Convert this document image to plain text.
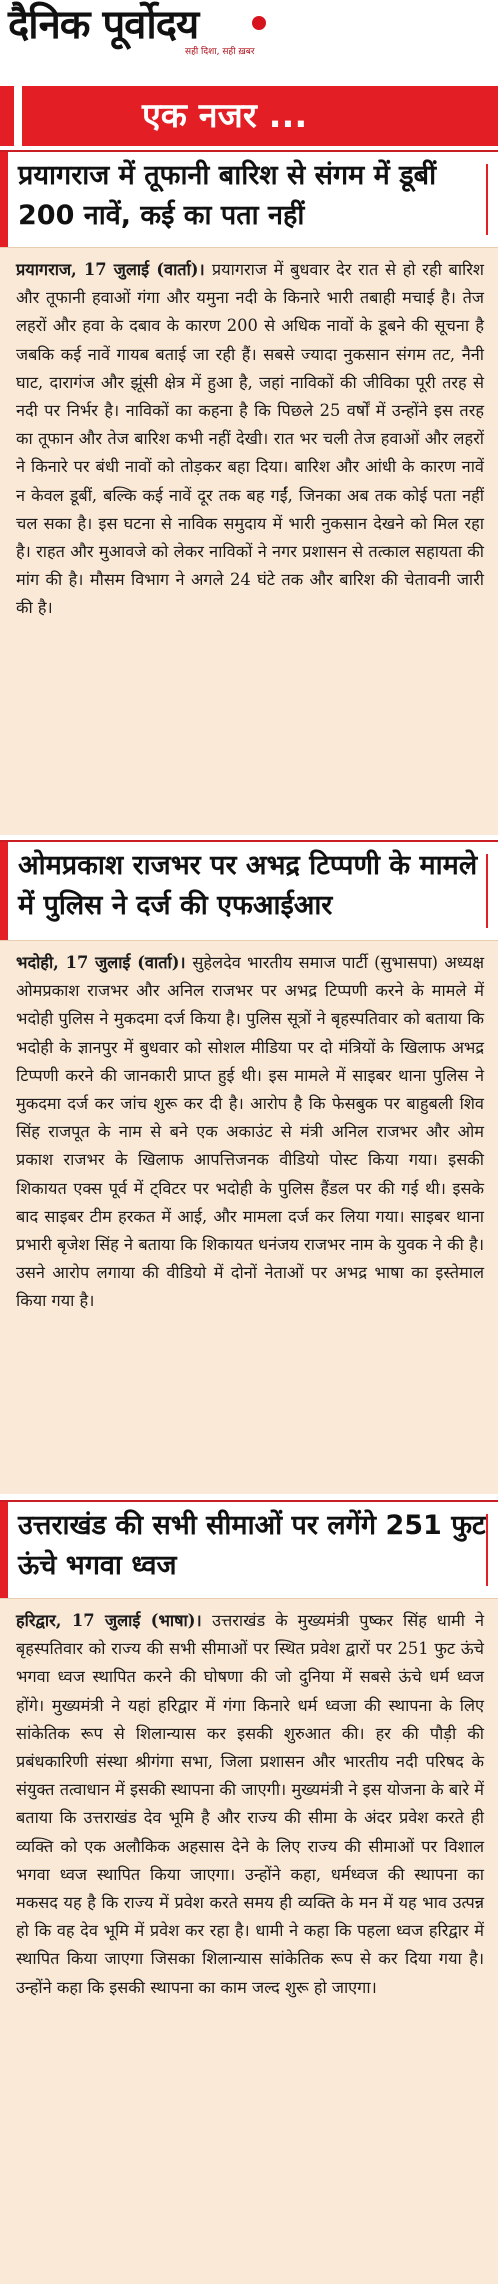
दैनिक पूर्वोदय
सही दिशा, सही ख़बर
एक नजर ...
प्रयागराज में तूफानी बारिश से संगम में डूबीं 200 नावें, कई का पता नहीं
प्रयागराज, 17 जुलाई (वार्ता)। प्रयागराज में बुधवार देर रात से हो रही बारिश और तूफानी हवाओं गंगा और यमुना नदी के किनारे भारी तबाही मचाई है। तेज लहरों और हवा के दबाव के कारण 200 से अधिक नावों के डूबने की सूचना है जबकि कई नावें गायब बताई जा रही हैं। सबसे ज्यादा नुकसान संगम तट, नैनी घाट, दारागंज और झूंसी क्षेत्र में हुआ है, जहां नाविकों की जीविका पूरी तरह से नदी पर निर्भर है। नाविकों का कहना है कि पिछले 25 वर्षों में उन्होंने इस तरह का तूफान और तेज बारिश कभी नहीं देखी। रात भर चली तेज हवाओं और लहरों ने किनारे पर बंधी नावों को तोड़कर बहा दिया। बारिश और आंधी के कारण नावें न केवल डूबीं, बल्कि कई नावें दूर तक बह गईं, जिनका अब तक कोई पता नहीं चल सका है। इस घटना से नाविक समुदाय में भारी नुकसान देखने को मिल रहा है। राहत और मुआवजे को लेकर नाविकों ने नगर प्रशासन से तत्काल सहायता की मांग की है। मौसम विभाग ने अगले 24 घंटे तक और बारिश की चेतावनी जारी की है।
ओमप्रकाश राजभर पर अभद्र टिप्पणी के मामले में पुलिस ने दर्ज की एफआईआर
भदोही, 17 जुलाई (वार्ता)। सुहेलदेव भारतीय समाज पार्टी (सुभासपा) अध्यक्ष ओमप्रकाश राजभर और अनिल राजभर पर अभद्र टिप्पणी करने के मामले में भदोही पुलिस ने मुकदमा दर्ज किया है। पुलिस सूत्रों ने बृहस्पतिवार को बताया कि भदोही के ज्ञानपुर में बुधवार को सोशल मीडिया पर दो मंत्रियों के खिलाफ अभद्र टिप्पणी करने की जानकारी प्राप्त हुई थी। इस मामले में साइबर थाना पुलिस ने मुकदमा दर्ज कर जांच शुरू कर दी है। आरोप है कि फेसबुक पर बाहुबली शिव सिंह राजपूत के नाम से बने एक अकाउंट से मंत्री अनिल राजभर और ओम प्रकाश राजभर के खिलाफ आपत्तिजनक वीडियो पोस्ट किया गया। इसकी शिकायत एक्स पूर्व में ट्विटर पर भदोही के पुलिस हैंडल पर की गई थी। इसके बाद साइबर टीम हरकत में आई, और मामला दर्ज कर लिया गया। साइबर थाना प्रभारी बृजेश सिंह ने बताया कि शिकायत धनंजय राजभर नाम के युवक ने की है। उसने आरोप लगाया की वीडियो में दोनों नेताओं पर अभद्र भाषा का इस्तेमाल किया गया है।
उत्तराखंड की सभी सीमाओं पर लगेंगे 251 फुट ऊंचे भगवा ध्वज
हरिद्वार, 17 जुलाई (भाषा)। उत्तराखंड के मुख्यमंत्री पुष्कर सिंह धामी ने बृहस्पतिवार को राज्य की सभी सीमाओं पर स्थित प्रवेश द्वारों पर 251 फुट ऊंचे भगवा ध्वज स्थापित करने की घोषणा की जो दुनिया में सबसे ऊंचे धर्म ध्वज होंगे। मुख्यमंत्री ने यहां हरिद्वार में गंगा किनारे धर्म ध्वजा की स्थापना के लिए सांकेतिक रूप से शिलान्यास कर इसकी शुरुआत की। हर की पौड़ी की प्रबंधकारिणी संस्था श्रीगंगा सभा, जिला प्रशासन और भारतीय नदी परिषद के संयुक्त तत्वाधान में इसकी स्थापना की जाएगी। मुख्यमंत्री ने इस योजना के बारे में बताया कि उत्तराखंड देव भूमि है और राज्य की सीमा के अंदर प्रवेश करते ही व्यक्ति को एक अलौकिक अहसास देने के लिए राज्य की सीमाओं पर विशाल भगवा ध्वज स्थापित किया जाएगा। उन्होंने कहा, धर्मध्वज की स्थापना का मकसद यह है कि राज्य में प्रवेश करते समय ही व्यक्ति के मन में यह भाव उत्पन्न हो कि वह देव भूमि में प्रवेश कर रहा है। धामी ने कहा कि पहला ध्वज हरिद्वार में स्थापित किया जाएगा जिसका शिलान्यास सांकेतिक रूप से कर दिया गया है। उन्होंने कहा कि इसकी स्थापना का काम जल्द शुरू हो जाएगा।
